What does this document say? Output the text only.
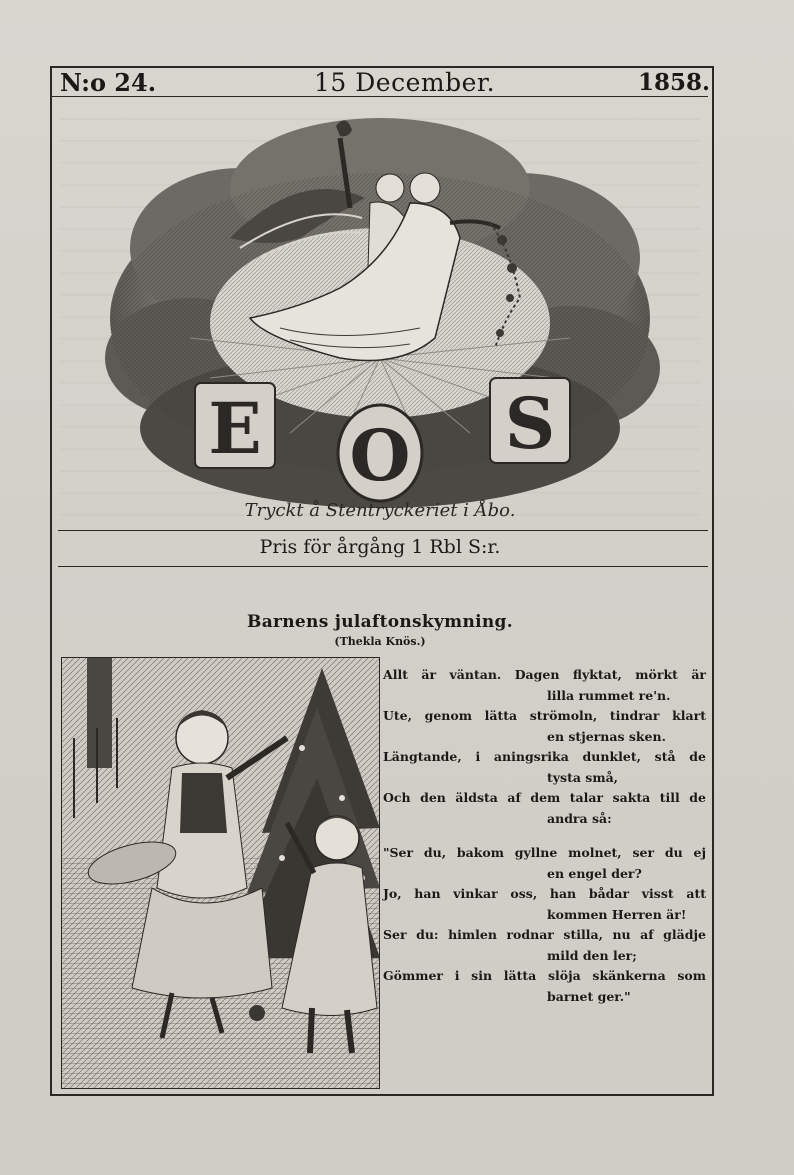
N:o 24.	15 December.	1858.
E O S
Tryckt å Stentryckeriet i Åbo.
Pris för årgång 1 Rbl S:r.
Barnens julaftonskymning.
(Thekla Knös.)
Allt är väntan. Dagen flyktat, mörkt är
lilla rummet re'n.
Ute, genom lätta strömoln, tindrar klart
en stjernas sken.
Längtande, i aningsrika dunklet, stå de
tysta små,
Och den äldsta af dem talar sakta till de
andra så:
"Ser du, bakom gyllne molnet, ser du ej
en engel der?
Jo, han vinkar oss, han bådar visst att
kommen Herren är!
Ser du: himlen rodnar stilla, nu af glädje
mild den ler;
Gömmer i sin lätta slöja skänkerna som
barnet ger."
